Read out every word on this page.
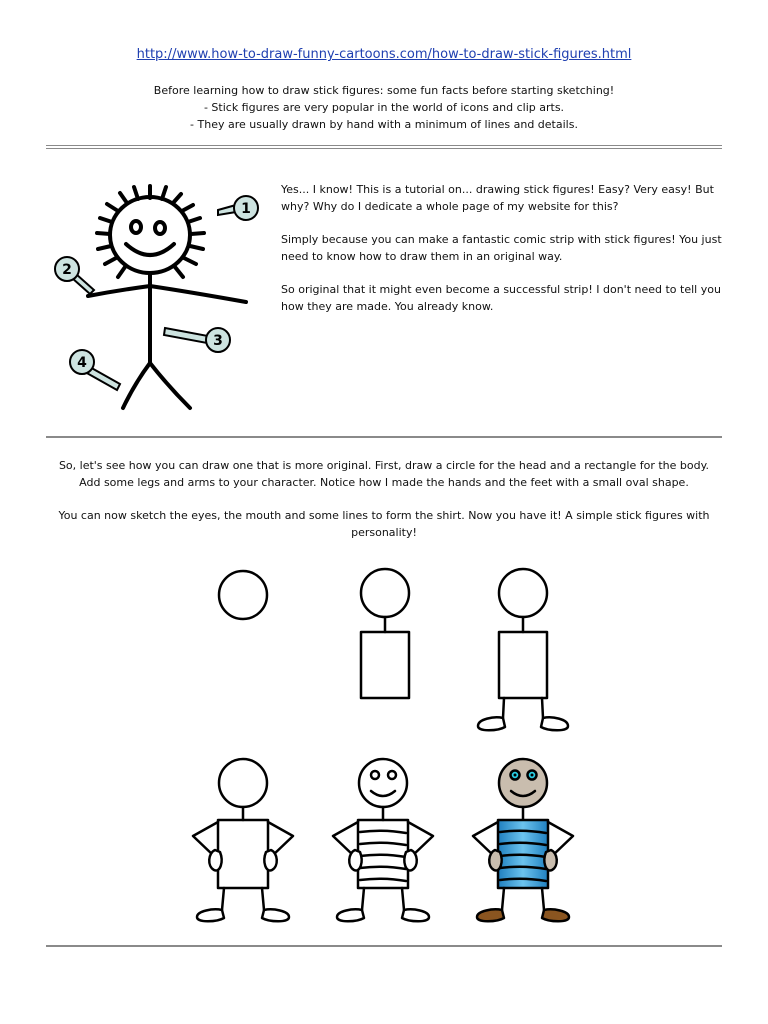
http://www.how-to-draw-funny-cartoons.com/how-to-draw-stick-figures.html
Before learning how to draw stick figures: some fun facts before starting sketching!
- Stick figures are very popular in the world of icons and clip arts.
- They are usually drawn by hand with a minimum of lines and details.
1
2
3
4

Yes... I know! This is a tutorial on... drawing stick figures! Easy? Very easy! But why? Why do I dedicate a whole page of my website for this?

Simply because you can make a fantastic comic strip with stick figures! You just need to know how to draw them in an original way.

So original that it might even become a successful strip! I don't need to tell you how they are made. You already know.

So, let's see how you can draw one that is more original. First, draw a circle for the head and a rectangle for the body. Add some legs and arms to your character. Notice how I made the hands and the feet with a small oval shape.

You can now sketch the eyes, the mouth and some lines to form the shirt. Now you have it! A simple stick figures with personality!
